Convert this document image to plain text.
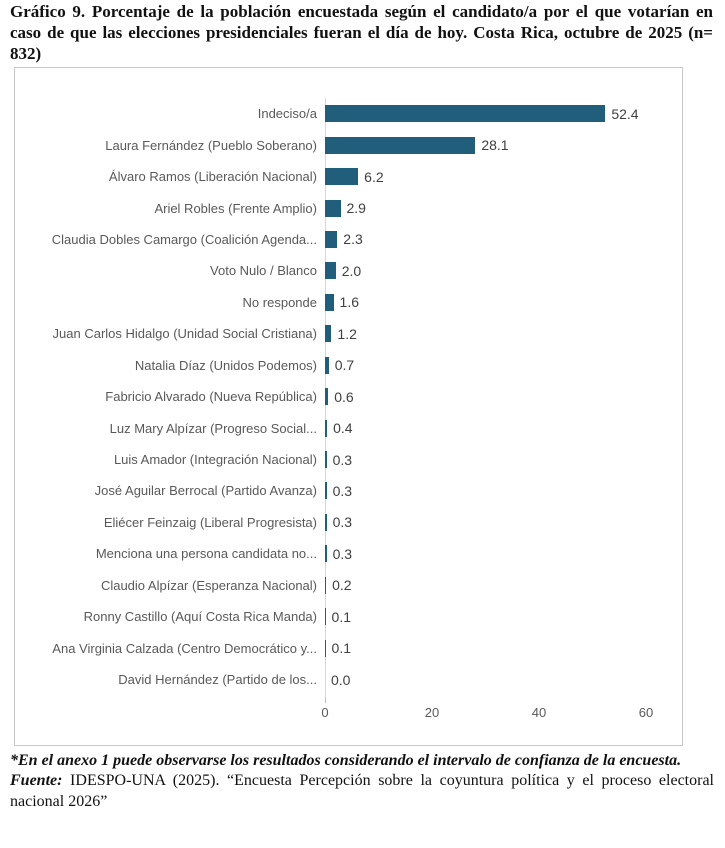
Gráfico 9. Porcentaje de la población encuestada según el candidato/a por el que votarían en caso de que las elecciones presidenciales fueran el día de hoy. Costa Rica, octubre de 2025 (n= 832)
Indeciso/a	52.4
Laura Fernández (Pueblo Soberano)	28.1
Álvaro Ramos (Liberación Nacional)	6.2
Ariel Robles (Frente Amplio)	2.9
Claudia Dobles Camargo (Coalición Agenda...	2.3
Voto Nulo / Blanco	2.0
No responde	1.6
Juan Carlos Hidalgo (Unidad Social Cristiana)	1.2
Natalia Díaz (Unidos Podemos)	0.7
Fabricio Alvarado (Nueva República)	0.6
Luz Mary Alpízar (Progreso Social...	0.4
Luis Amador (Integración Nacional)	0.3
José Aguilar Berrocal (Partido Avanza)	0.3
Eliécer Feinzaig (Liberal Progresista)	0.3
Menciona una persona candidata no...	0.3
Claudio Alpízar (Esperanza Nacional)	0.2
Ronny Castillo (Aquí Costa Rica Manda)	0.1
Ana Virginia Calzada (Centro Democrático y...	0.1
David Hernández (Partido de los...	0.0
0	20	40	60

*En el anexo 1 puede observarse los resultados considerando el intervalo de confianza de la encuesta.

Fuente: IDESPO-UNA (2025). “Encuesta Percepción sobre la coyuntura política y el proceso electoral nacional 2026”
